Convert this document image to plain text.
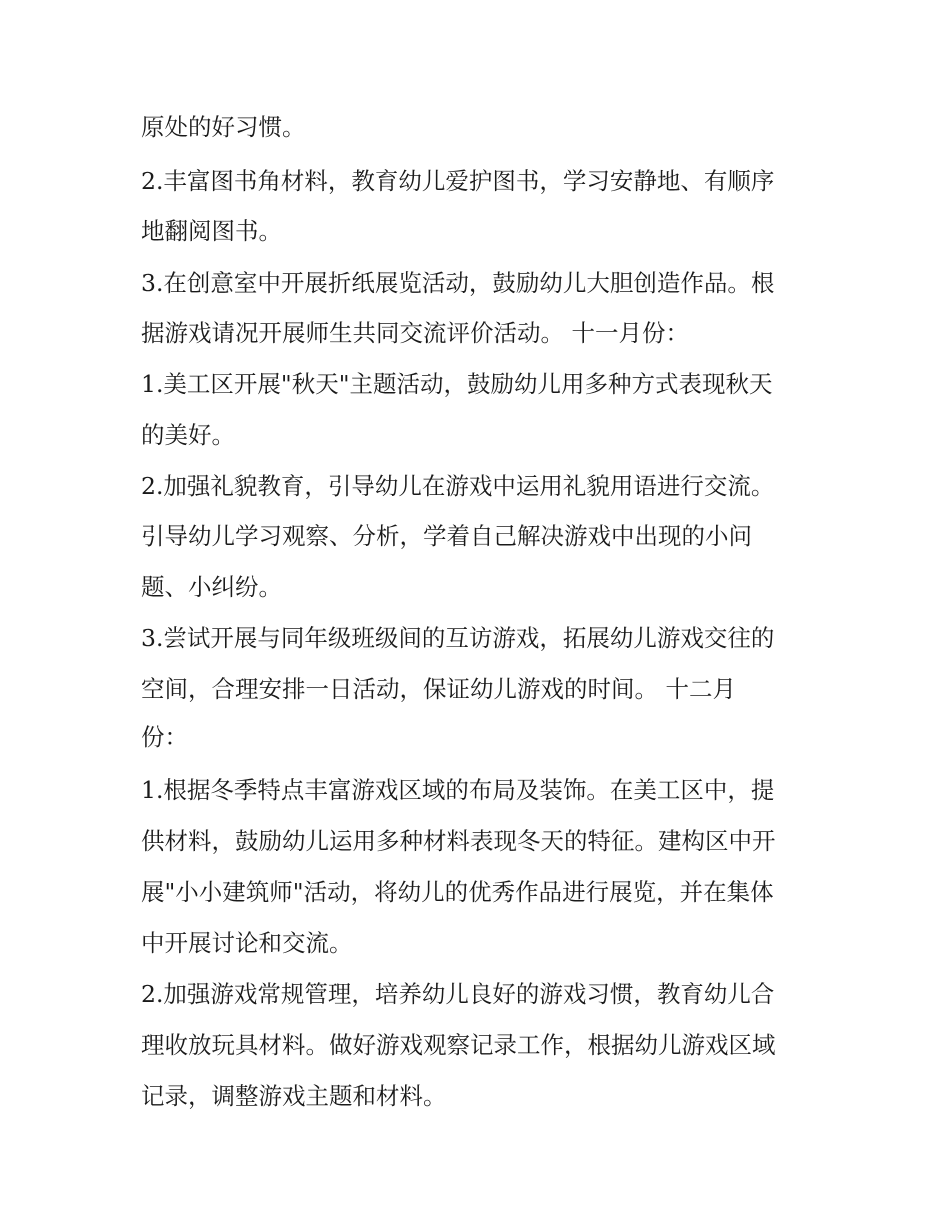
原处的好习惯。
2.丰富图书角材料，教育幼儿爱护图书，学习安静地、有顺序
地翻阅图书。
3.在创意室中开展折纸展览活动，鼓励幼儿大胆创造作品。根
据游戏请况开展师生共同交流评价活动。 十一月份：
1.美工区开展"秋天"主题活动，鼓励幼儿用多种方式表现秋天
的美好。
2.加强礼貌教育，引导幼儿在游戏中运用礼貌用语进行交流。
引导幼儿学习观察、分析，学着自己解决游戏中出现的小问
题、小纠纷。
3.尝试开展与同年级班级间的互访游戏，拓展幼儿游戏交往的
空间，合理安排一日活动，保证幼儿游戏的时间。 十二月
份：
1.根据冬季特点丰富游戏区域的布局及装饰。在美工区中，提
供材料，鼓励幼儿运用多种材料表现冬天的特征。建构区中开
展"小小建筑师"活动，将幼儿的优秀作品进行展览，并在集体
中开展讨论和交流。
2.加强游戏常规管理，培养幼儿良好的游戏习惯，教育幼儿合
理收放玩具材料。做好游戏观察记录工作，根据幼儿游戏区域
记录，调整游戏主题和材料。
